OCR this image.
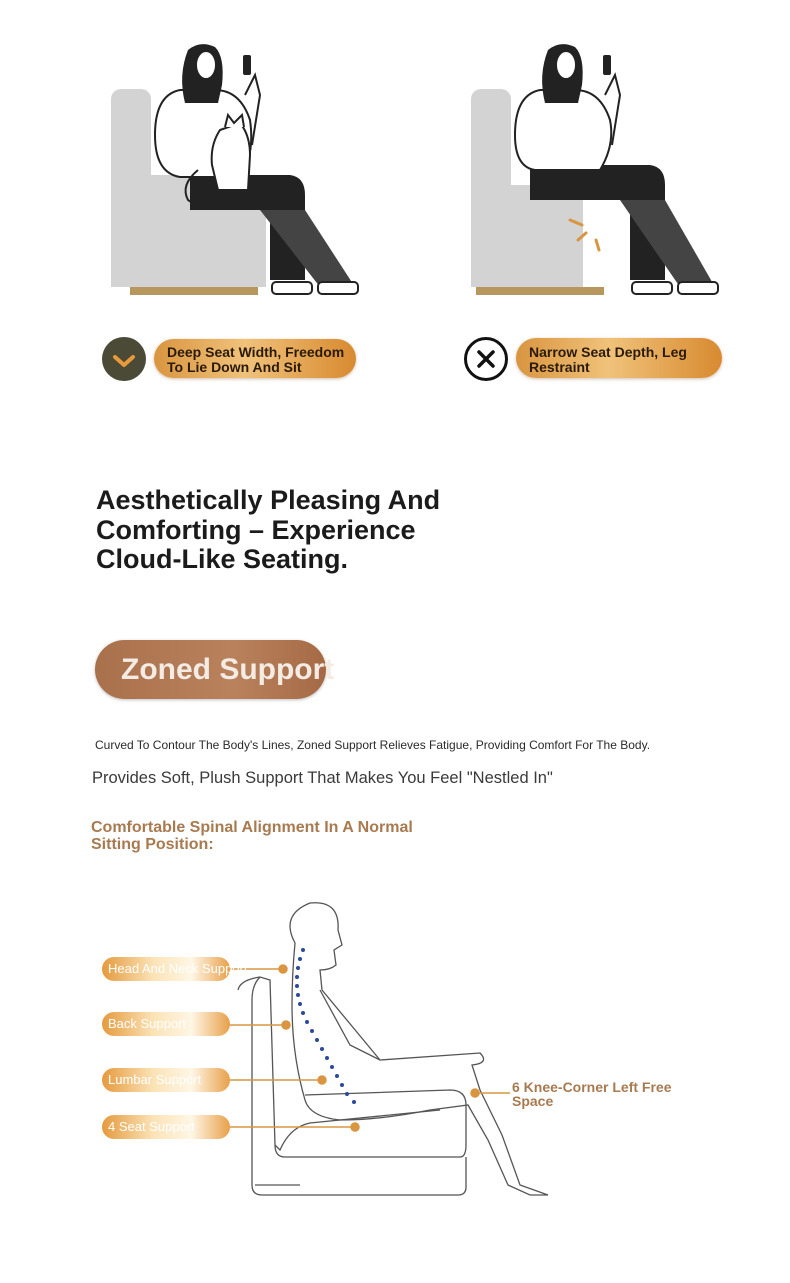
Deep Seat Width, Freedom To Lie Down And Sit
Narrow Seat Depth, Leg Restraint
Aesthetically Pleasing And Comforting – Experience Cloud-Like Seating.
Zoned Support
Curved To Contour The Body's Lines, Zoned Support Relieves Fatigue, Providing Comfort For The Body.
Provides Soft, Plush Support That Makes You Feel "Nestled In"
Comfortable Spinal Alignment In A Normal Sitting Position:
Head And Neck Support
Back Support
Lumbar Support
4 Seat Support
6 Knee-Corner Left Free Space
